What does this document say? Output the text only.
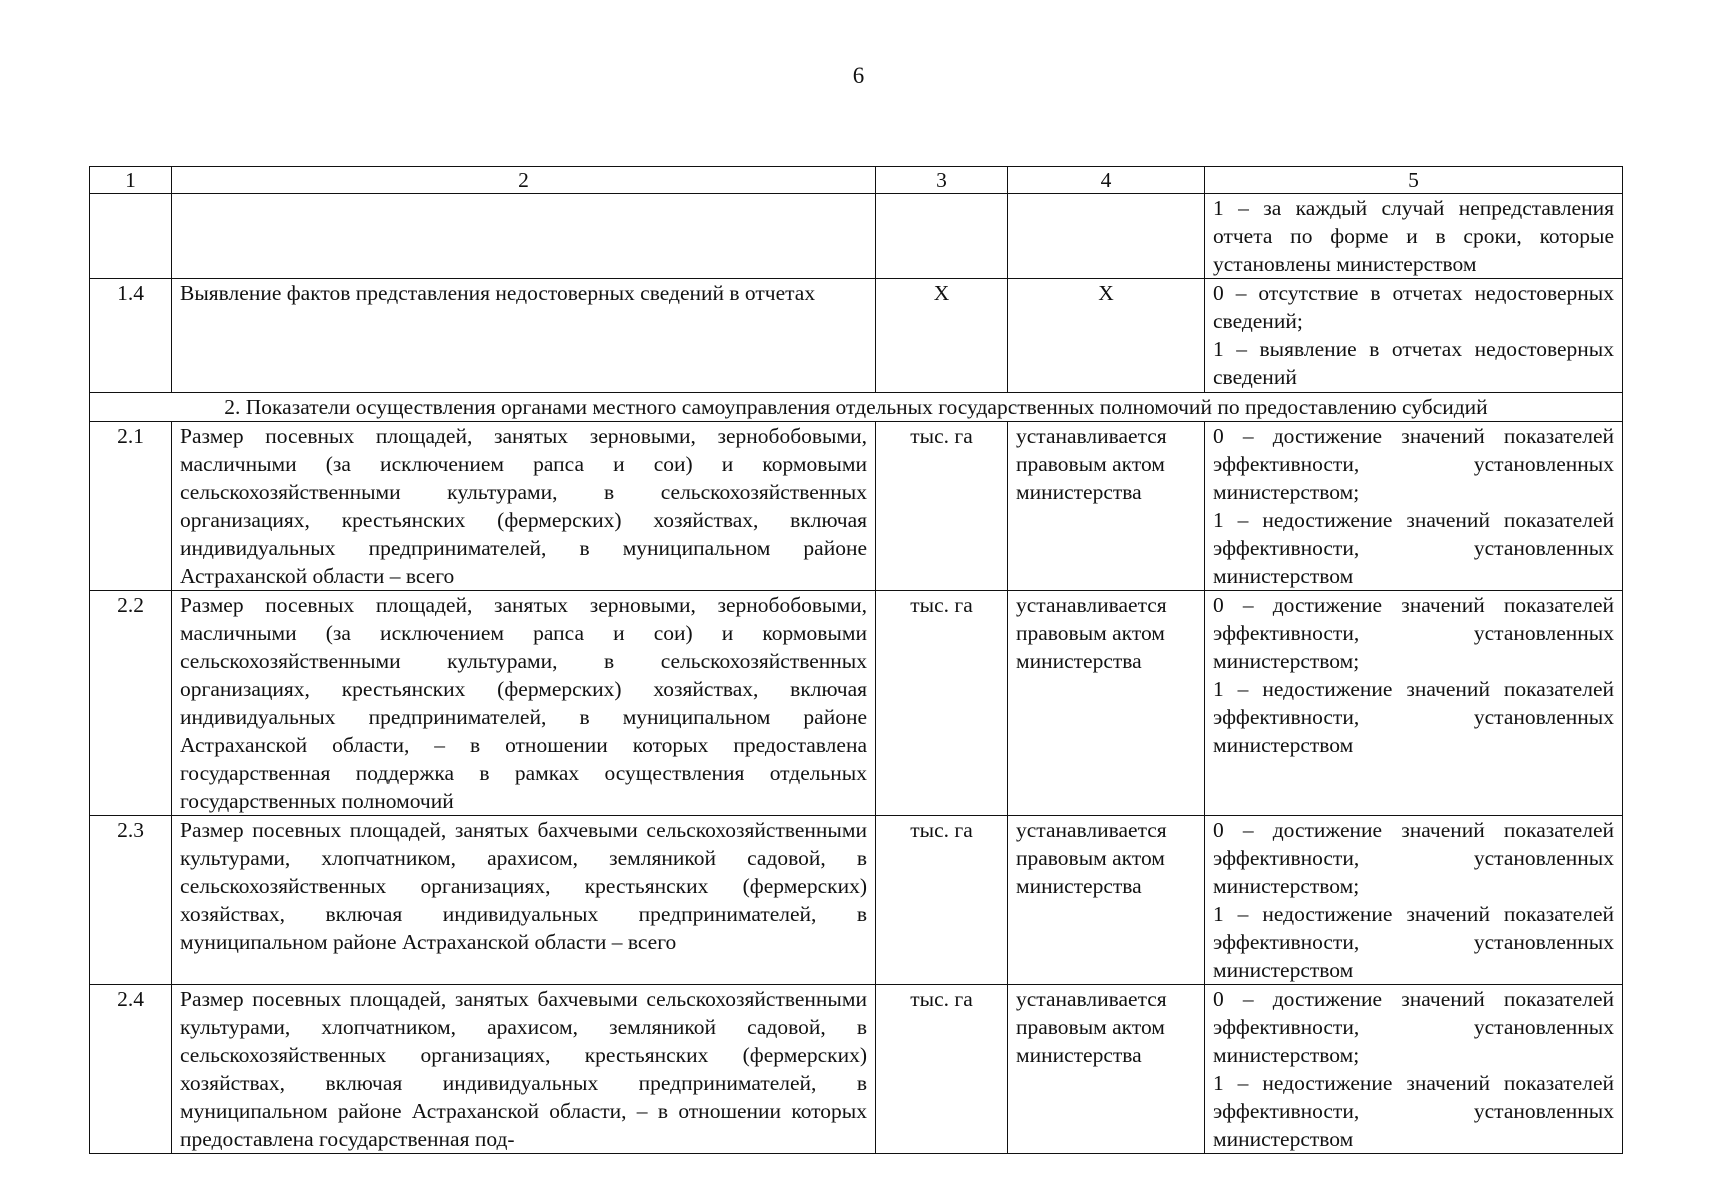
6
1	2	3	4	5
				1 – за каждый случай непредставления отчета по форме и в сроки, которые установлены министерством
1.4	Выявление фактов представления недостоверных сведений в отчетах	Х	Х	0 – отсутствие в отчетах недостоверных сведений;
1 – выявление в отчетах недостоверных сведений

2. Показатели осуществления органами местного самоуправления отдельных государственных полномочий по предоставлению субсидий				
2.1	Размер посевных площадей, занятых зерновыми, зернобобовыми, масличными (за исключением рапса и сои) и кормовыми сельскохозяйственными культурами, в сельскохозяйственных организациях, крестьянских (фермерских) хозяйствах, включая индивидуальных предпринимателей, в муниципальном районе Астраханской области – всего	тыс. га	устанавливается правовым актом министерства	0 – достижение значений показателей эффективности, установленных министерством;
1 – недостижение значений показателей эффективности, установленных министерством

2.2	Размер посевных площадей, занятых зерновыми, зернобобовыми, масличными (за исключением рапса и сои) и кормовыми сельскохозяйственными культурами, в сельскохозяйственных организациях, крестьянских (фермерских) хозяйствах, включая индивидуальных предпринимателей, в муниципальном районе Астраханской области, – в отношении которых предоставлена государственная поддержка в рамках осуществления отдельных государственных полномочий	тыс. га	устанавливается правовым актом министерства	0 – достижение значений показателей эффективности, установленных министерством;
1 – недостижение значений показателей эффективности, установленных министерством

2.3	Размер посевных площадей, занятых бахчевыми сельскохозяйственными культурами, хлопчатником, арахисом, земляникой садовой, в сельскохозяйственных организациях, крестьянских (фермерских) хозяйствах, включая индивидуальных предпринимателей, в муниципальном районе Астраханской области – всего	тыс. га	устанавливается правовым актом министерства	0 – достижение значений показателей эффективности, установленных министерством;
1 – недостижение значений показателей эффективности, установленных министерством

2.4	Размер посевных площадей, занятых бахчевыми сельскохозяйственными культурами, хлопчатником, арахисом, земляникой садовой, в сельскохозяйственных организациях, крестьянских (фермерских) хозяйствах, включая индивидуальных предпринимателей, в муниципальном районе Астраханской области, – в отношении которых предоставлена государственная под-	тыс. га	устанавливается правовым актом министерства	0 – достижение значений показателей эффективности, установленных министерством;
1 – недостижение значений показателей эффективности, установленных министерством
